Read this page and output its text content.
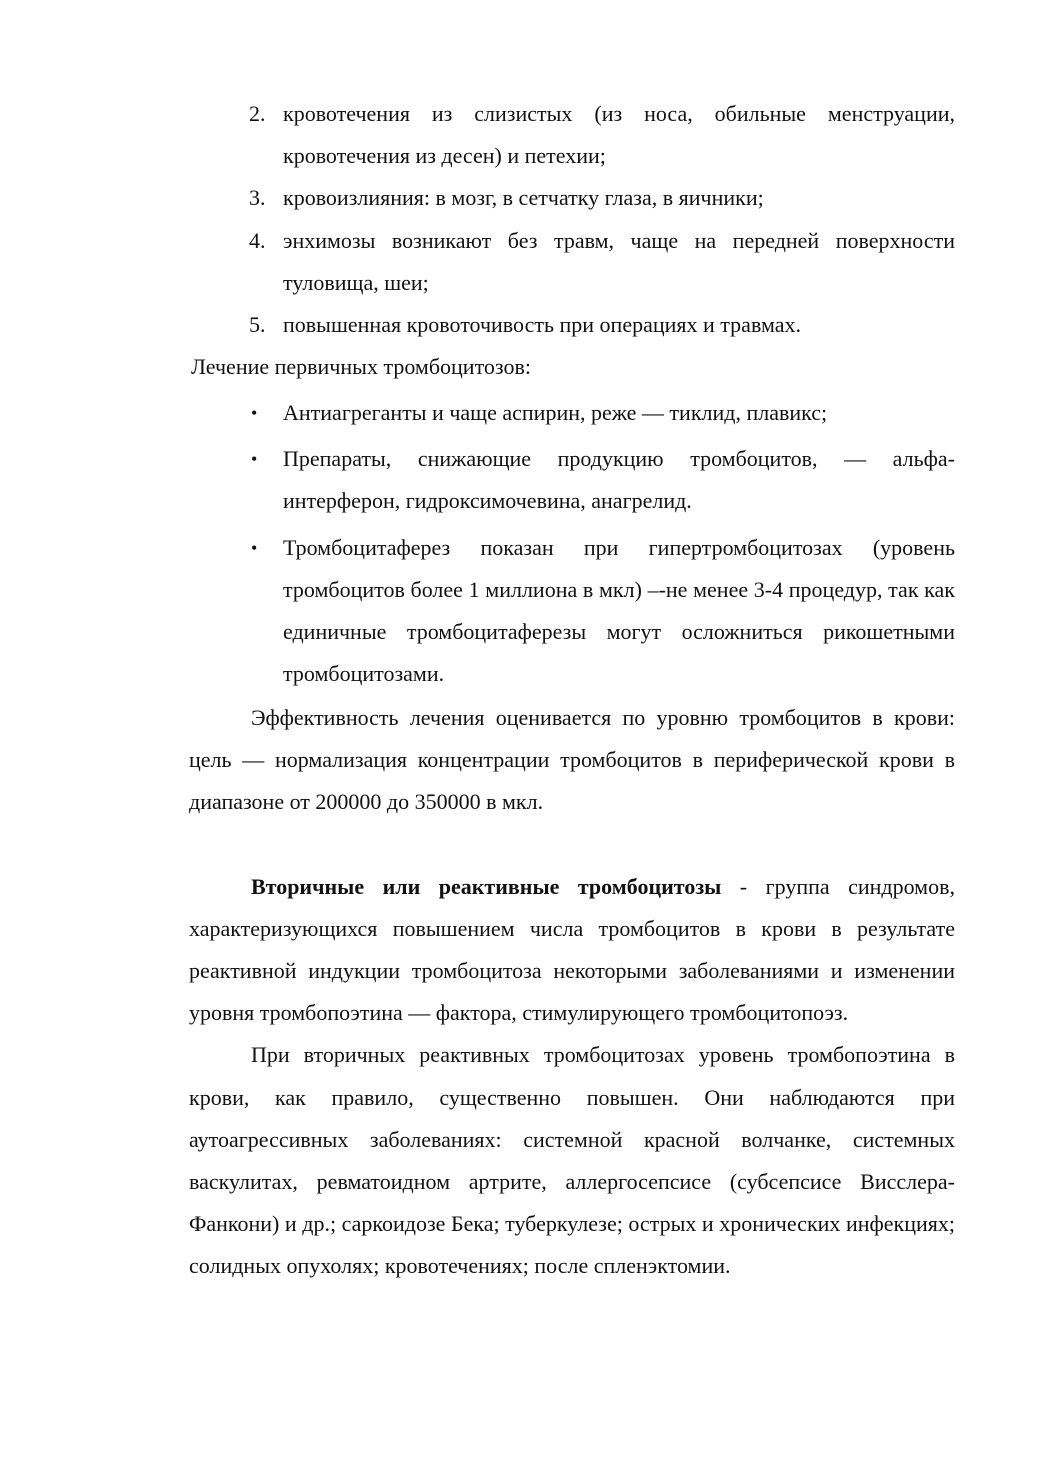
2. кровотечения из слизистых (из носа, обильные менструации, кровотечения из десен) и петехии;
3. кровоизлияния: в мозг, в сетчатку глаза, в яичники;
4. энхимозы возникают без травм, чаще на передней поверхности туловища, шеи;
5. повышенная кровоточивость при операциях и травмах.
Лечение первичных тромбоцитозов:
• Антиагреганты и чаще аспирин, реже — тиклид, плавикс;
• Препараты, снижающие продукцию тромбоцитов, — альфа-интерферон, гидроксимочевина, анагрелид.
• Тромбоцитаферез показан при гипертромбоцитозах (уровень тромбоцитов более 1 миллиона в мкл) –-не менее 3-4 процедур, так как единичные тромбоцитаферезы могут осложниться рикошетными тромбоцитозами.

Эффективность лечения оценивается по уровню тромбоцитов в крови: цель — нормализация концентрации тромбоцитов в периферической крови в диапазоне от 200000 до 350000 в мкл.

Вторичные или реактивные тромбоцитозы - группа синдромов, характеризующихся повышением числа тромбоцитов в крови в результате реактивной индукции тромбоцитоза некоторыми заболеваниями и изменении уровня тромбопоэтина — фактора, стимулирующего тромбоцитопоэз.

При вторичных реактивных тромбоцитозах уровень тромбопоэтина в крови, как правило, существенно повышен. Они наблюдаются при аутоагрессивных заболеваниях: системной красной волчанке, системных васкулитах, ревматоидном артрите, аллергосепсисе (субсепсисе Висслера-Фанкони) и др.; саркоидозе Бека; туберкулезе; острых и хронических инфекциях; солидных опухолях; кровотечениях; после спленэктомии.
